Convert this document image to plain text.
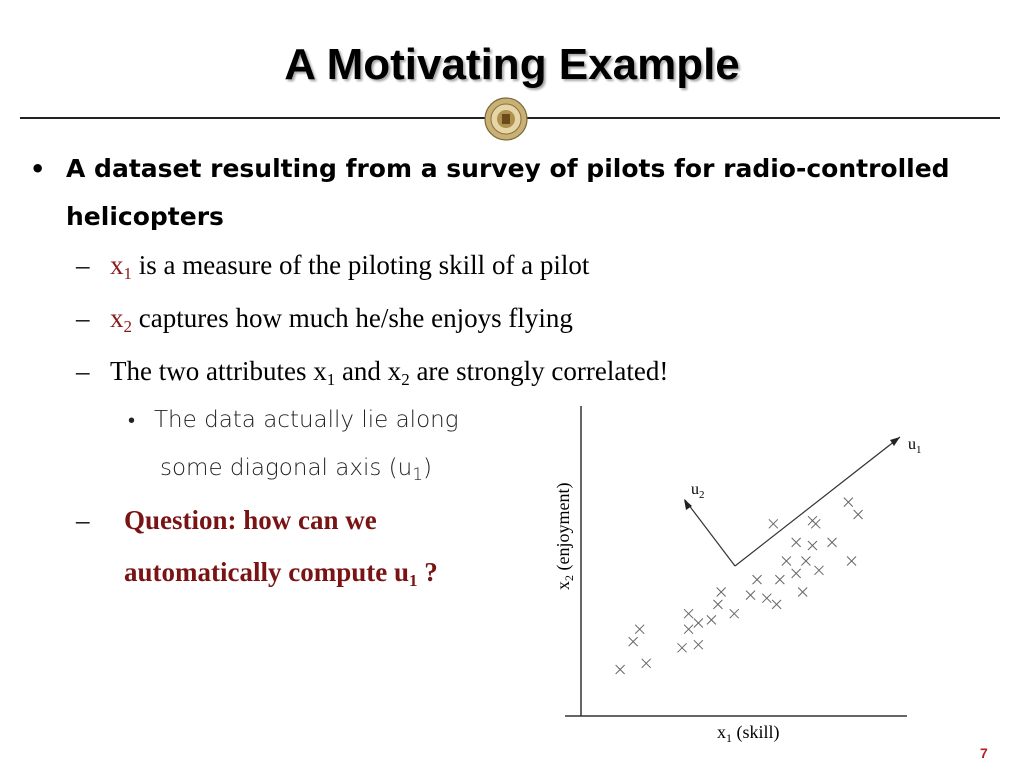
A Motivating Example
• A dataset resulting from a survey of pilots for radio-controlled helicopters
– $x_1$ is a measure of the piloting skill of a pilot
– $x_2$ captures how much he/she enjoys flying
– The two attributes $x_1$ and $x_2$ are strongly correlated!
• The data actually lie along
some diagonal axis $(u_1)$
– Question: how can we
automatically compute $u_1$ ?
$u_1$
$u_2$
$x_1$ (skill)
$x_2$ (enjoyment)
7
